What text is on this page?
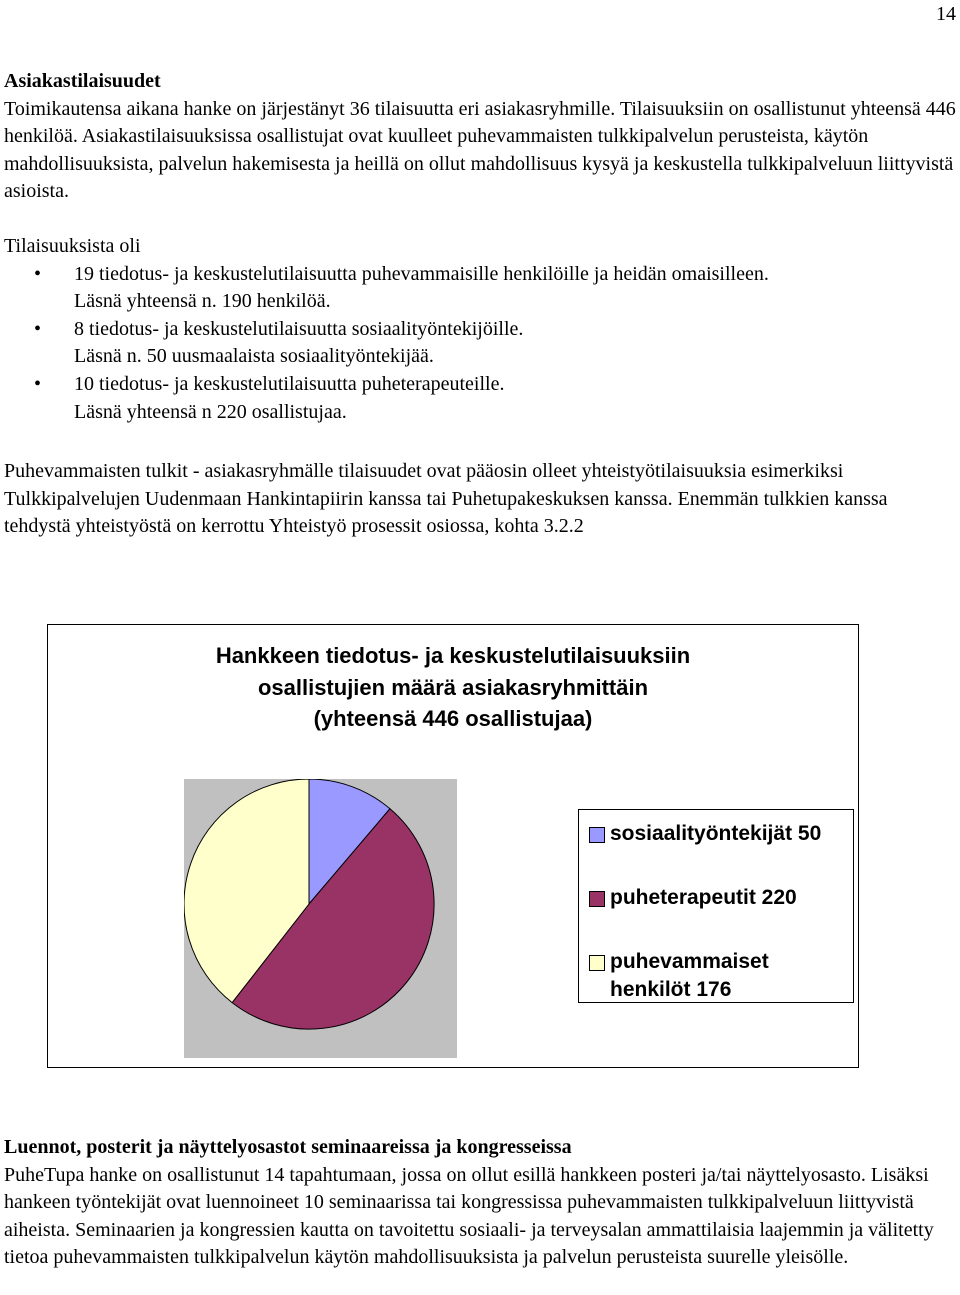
14
Asiakastilaisuudet
Toimikautensa aikana hanke on järjestänyt 36 tilaisuutta eri asiakasryhmille. Tilaisuuksiin on osallistunut yhteensä 446 henkilöä. Asiakastilaisuuksissa osallistujat ovat kuulleet puhevammaisten tulkkipalvelun perusteista, käytön mahdollisuuksista, palvelun hakemisesta ja heillä on ollut mahdollisuus kysyä ja keskustella tulkkipalveluun liittyvistä asioista.
Tilaisuuksista oli
• 19 tiedotus- ja keskustelutilaisuutta puhevammaisille henkilöille ja heidän omaisilleen.
Läsnä yhteensä n. 190 henkilöä.
• 8 tiedotus- ja keskustelutilaisuutta sosiaalityöntekijöille.
Läsnä n. 50 uusmaalaista sosiaalityöntekijää.
• 10 tiedotus- ja keskustelutilaisuutta puheterapeuteille.
Läsnä yhteensä n 220 osallistujaa.
Puhevammaisten tulkit - asiakasryhmälle tilaisuudet ovat pääosin olleet yhteistyötilaisuuksia esimerkiksi Tulkkipalvelujen Uudenmaan Hankintapiirin kanssa tai Puhetupakeskuksen kanssa. Enemmän tulkkien kanssa tehdystä yhteistyöstä on kerrottu Yhteistyö prosessit osiossa, kohta 3.2.2
Hankkeen tiedotus- ja keskustelutilaisuuksiin
osallistujien määrä asiakasryhmittäin
(yhteensä 446 osallistujaa)
sosiaalityöntekijät 50
puheterapeutit 220
puhevammaiset henkilöt 176
Luennot, posterit ja näyttelyosastot seminaareissa ja kongresseissa
PuheTupa hanke on osallistunut 14 tapahtumaan, jossa on ollut esillä hankkeen posteri ja/tai näyttelyosasto. Lisäksi hankeen työntekijät ovat luennoineet 10 seminaarissa tai kongressissa puhevammaisten tulkkipalveluun liittyvistä aiheista. Seminaarien ja kongressien kautta on tavoitettu sosiaali- ja terveysalan ammattilaisia laajemmin ja välitetty tietoa puhevammaisten tulkkipalvelun käytön mahdollisuuksista ja palvelun perusteista suurelle yleisölle.
